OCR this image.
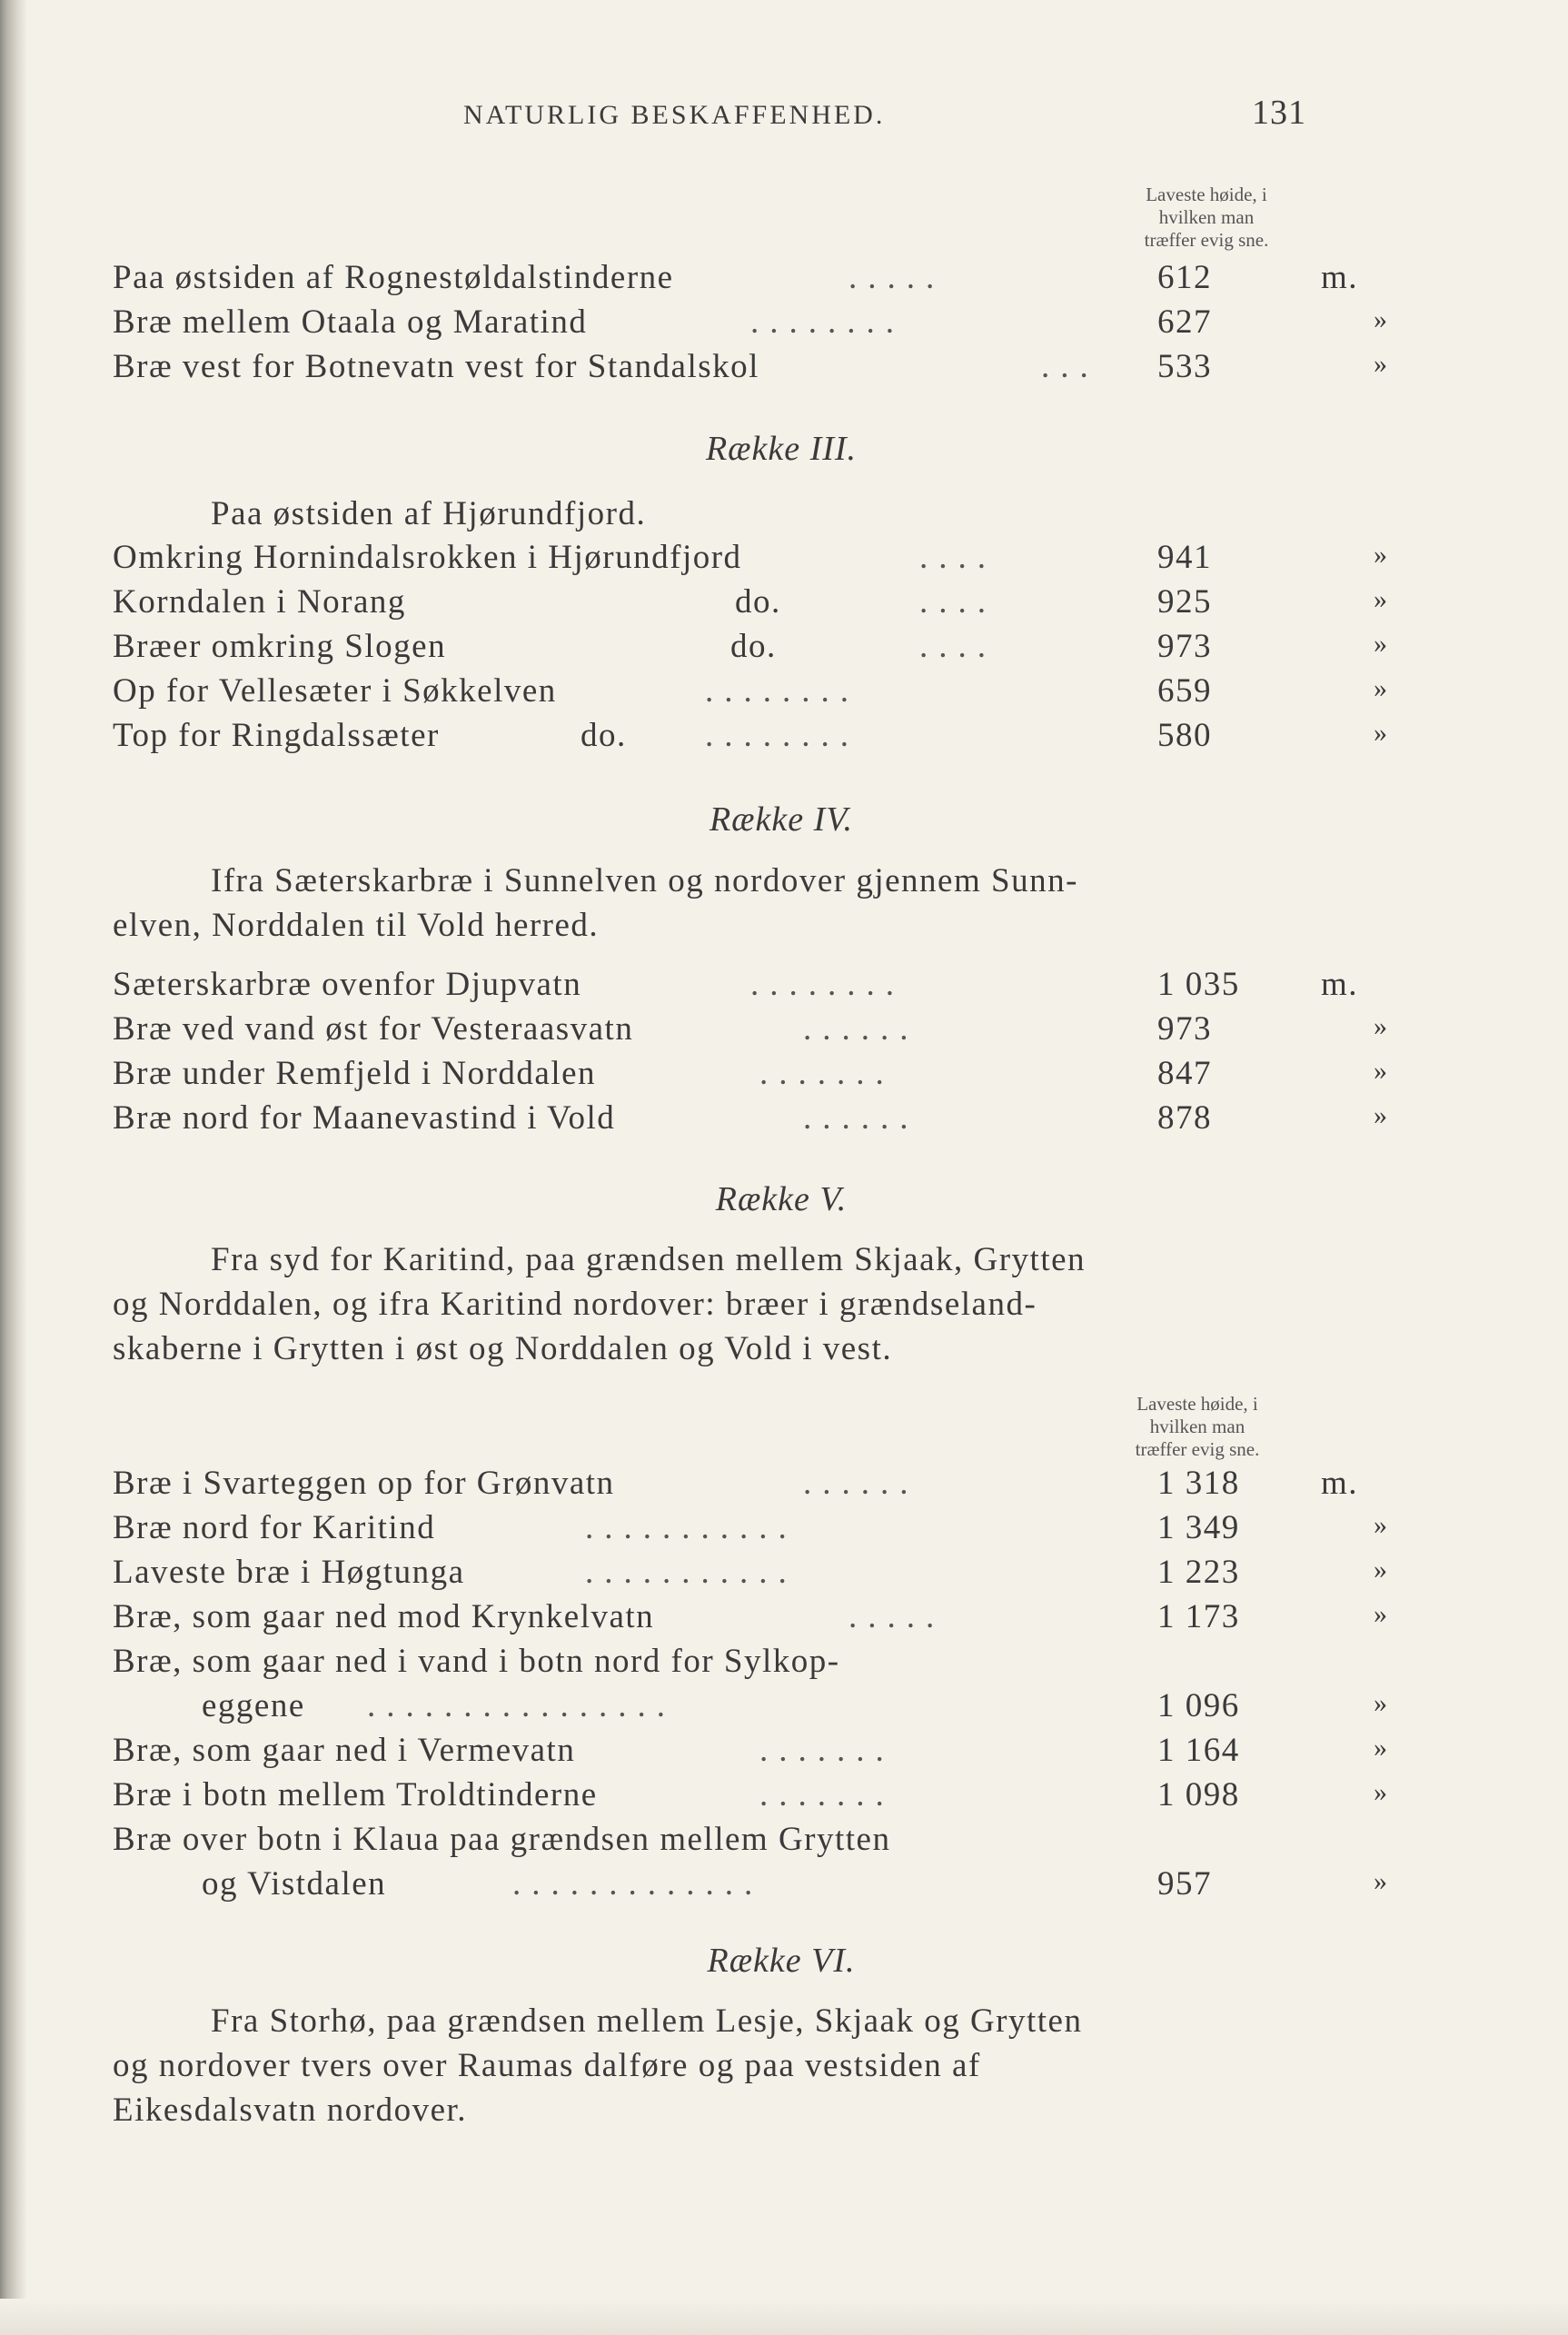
NATURLIG BESKAFFENHED.	131
Laveste høide, i
hvilken man
træffer evig sne.
Paa østsiden af Rognestøldalstinderne	.....	612	m.
Bræ mellem Otaala og Maratind	........	627	»
Bræ vest for Botnevatn vest for Standalskol	... 533	»
Række III.
Paa østsiden af Hjørundfjord.
Omkring Hornindalsrokken i Hjørundfjord	....	941	»
Korndalen i Norang	do.	....	925	»
Bræer omkring Slogen	do.	....	973	»
Op for Vellesæter i Søkkelven	........	659	»
Top for Ringdalssæter	do. ........	580	»
Række IV.
Ifra Sæterskarbræ i Sunnelven og nordover gjennem Sunn-
elven, Norddalen til Vold herred.
Sæterskarbræ ovenfor Djupvatn	........	1 035	m.
Bræ ved vand øst for Vesteraasvatn	......	973	»
Bræ under Remfjeld i Norddalen	.......	847	»
Bræ nord for Maanevastind i Vold	......	878	»
Række V.
Fra syd for Karitind, paa grændsen mellem Skjaak, Grytten
og Norddalen, og ifra Karitind nordover: bræer i grændseland-
skaberne i Grytten i øst og Norddalen og Vold i vest.
Laveste høide, i
hvilken man
træffer evig sne.
Bræ i Svarteggen op for Grønvatn	......	1 318	m.
Bræ nord for Karitind	...........	1 349	»
Laveste bræ i Høgtunga	...........	1 223	»
Bræ, som gaar ned mod Krynkelvatn	.....	1 173	»
Bræ, som gaar ned i vand i botn nord for Sylkop-
eggene ................	1 096	»
Bræ, som gaar ned i Vermevatn	.......	1 164	»
Bræ i botn mellem Troldtinderne	.......	1 098	»
Bræ over botn i Klaua paa grændsen mellem Grytten
og Vistdalen	.............	957	»
Række VI.
Fra Storhø, paa grændsen mellem Lesje, Skjaak og Grytten
og nordover tvers over Raumas dalføre og paa vestsiden af
Eikesdalsvatn nordover.
